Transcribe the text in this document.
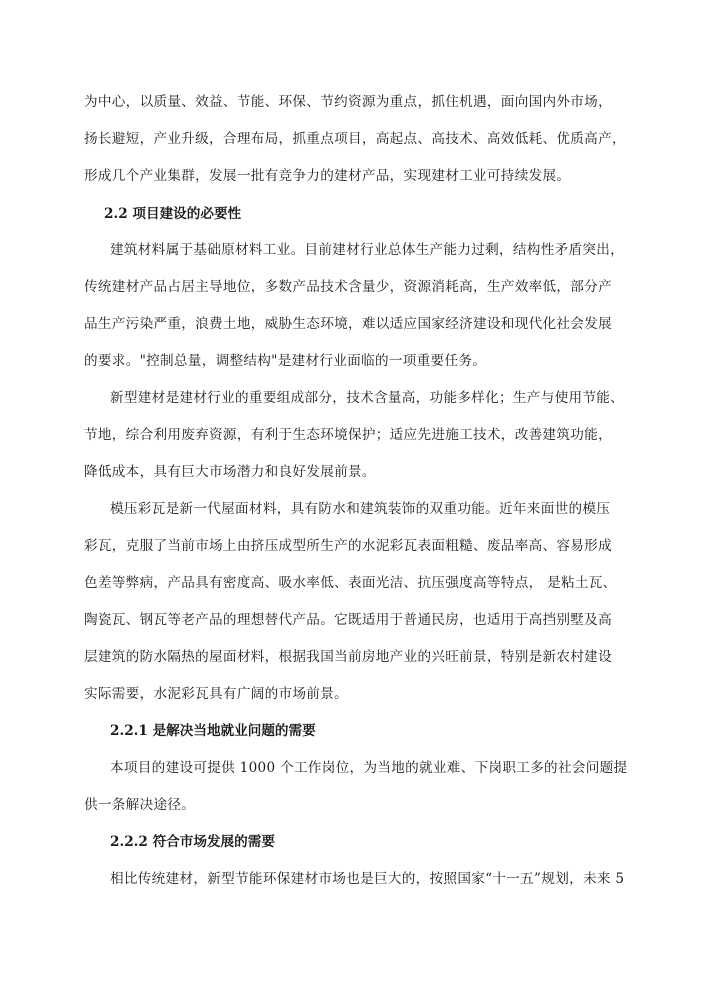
为中心，以质量、效益、节能、环保、节约资源为重点，抓住机遇，面向国内外市场，
扬长避短，产业升级，合理布局，抓重点项目，高起点、高技术、高效低耗、优质高产，
形成几个产业集群，发展一批有竞争力的建材产品，实现建材工业可持续发展。
2.2 项目建设的必要性
建筑材料属于基础原材料工业。目前建材行业总体生产能力过剩，结构性矛盾突出，
传统建材产品占居主导地位，多数产品技术含量少，资源消耗高，生产效率低，部分产
品生产污染严重，浪费土地，威胁生态环境，难以适应国家经济建设和现代化社会发展
的要求。"控制总量，调整结构"是建材行业面临的一项重要任务。
新型建材是建材行业的重要组成部分，技术含量高，功能多样化；生产与使用节能、
节地，综合利用废弃资源，有利于生态环境保护；适应先进施工技术，改善建筑功能，
降低成本，具有巨大市场潜力和良好发展前景。
模压彩瓦是新一代屋面材料，具有防水和建筑装饰的双重功能。近年来面世的模压
彩瓦，克服了当前市场上由挤压成型所生产的水泥彩瓦表面粗糙、废品率高、容易形成
色差等弊病，产品具有密度高、吸水率低、表面光洁、抗压强度高等特点， 是粘土瓦、
陶瓷瓦、钢瓦等老产品的理想替代产品。它既适用于普通民房，也适用于高挡别墅及高
层建筑的防水隔热的屋面材料，根据我国当前房地产业的兴旺前景，特别是新农村建设
实际需要，水泥彩瓦具有广阔的市场前景。
2.2.1 是解决当地就业问题的需要
本项目的建设可提供 1000 个工作岗位，为当地的就业难、下岗职工多的社会问题提
供一条解决途径。
2.2.2 符合市场发展的需要
相比传统建材，新型节能环保建材市场也是巨大的，按照国家“十一五”规划，未来 5
